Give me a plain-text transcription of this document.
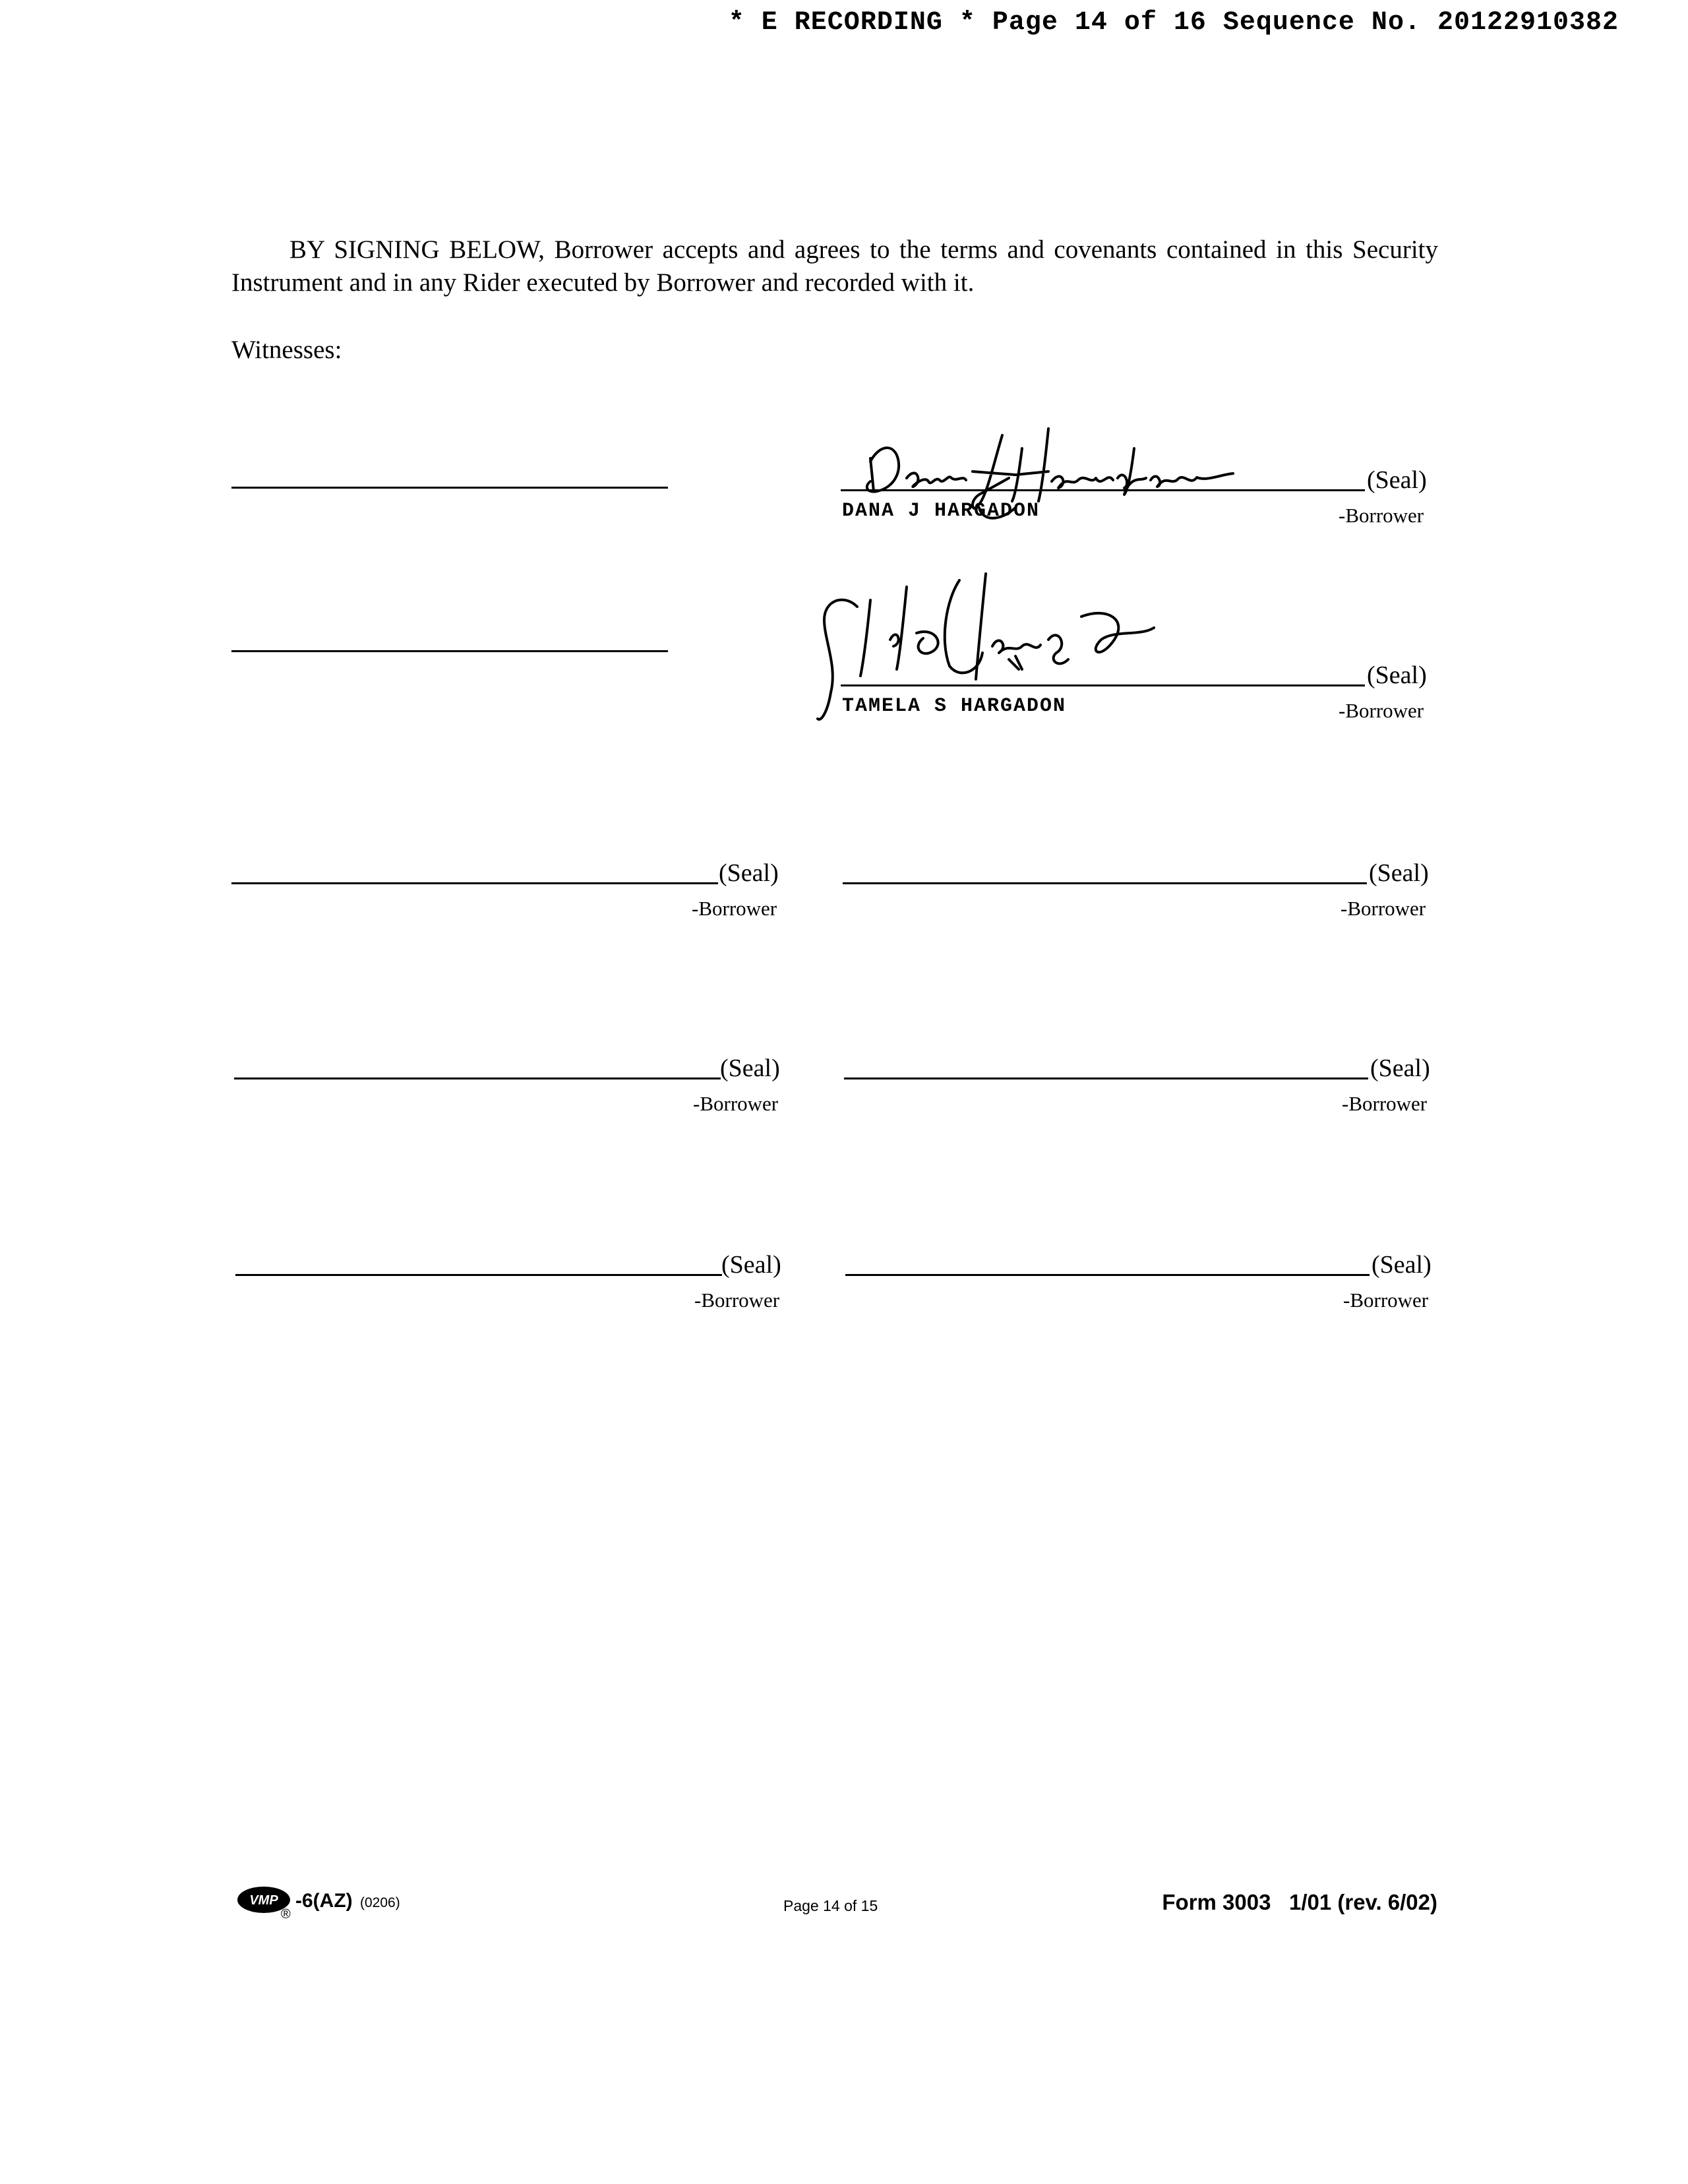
* E RECORDING * Page 14 of 16 Sequence No. 20122910382
BY SIGNING BELOW, Borrower accepts and agrees to the terms and covenants contained in this Security Instrument and in any Rider executed by Borrower and recorded with it.
Witnesses:
(Seal)
DANA J HARGADON	-Borrower
(Seal)
TAMELA S HARGADON	-Borrower
(Seal)
-Borrower
(Seal)
-Borrower
(Seal)
-Borrower
(Seal)
-Borrower
(Seal)
-Borrower
(Seal)
-Borrower
VMP -6(AZ) (0206)
®	Page 14 of 15	Form 3003   1/01 (rev. 6/02)
